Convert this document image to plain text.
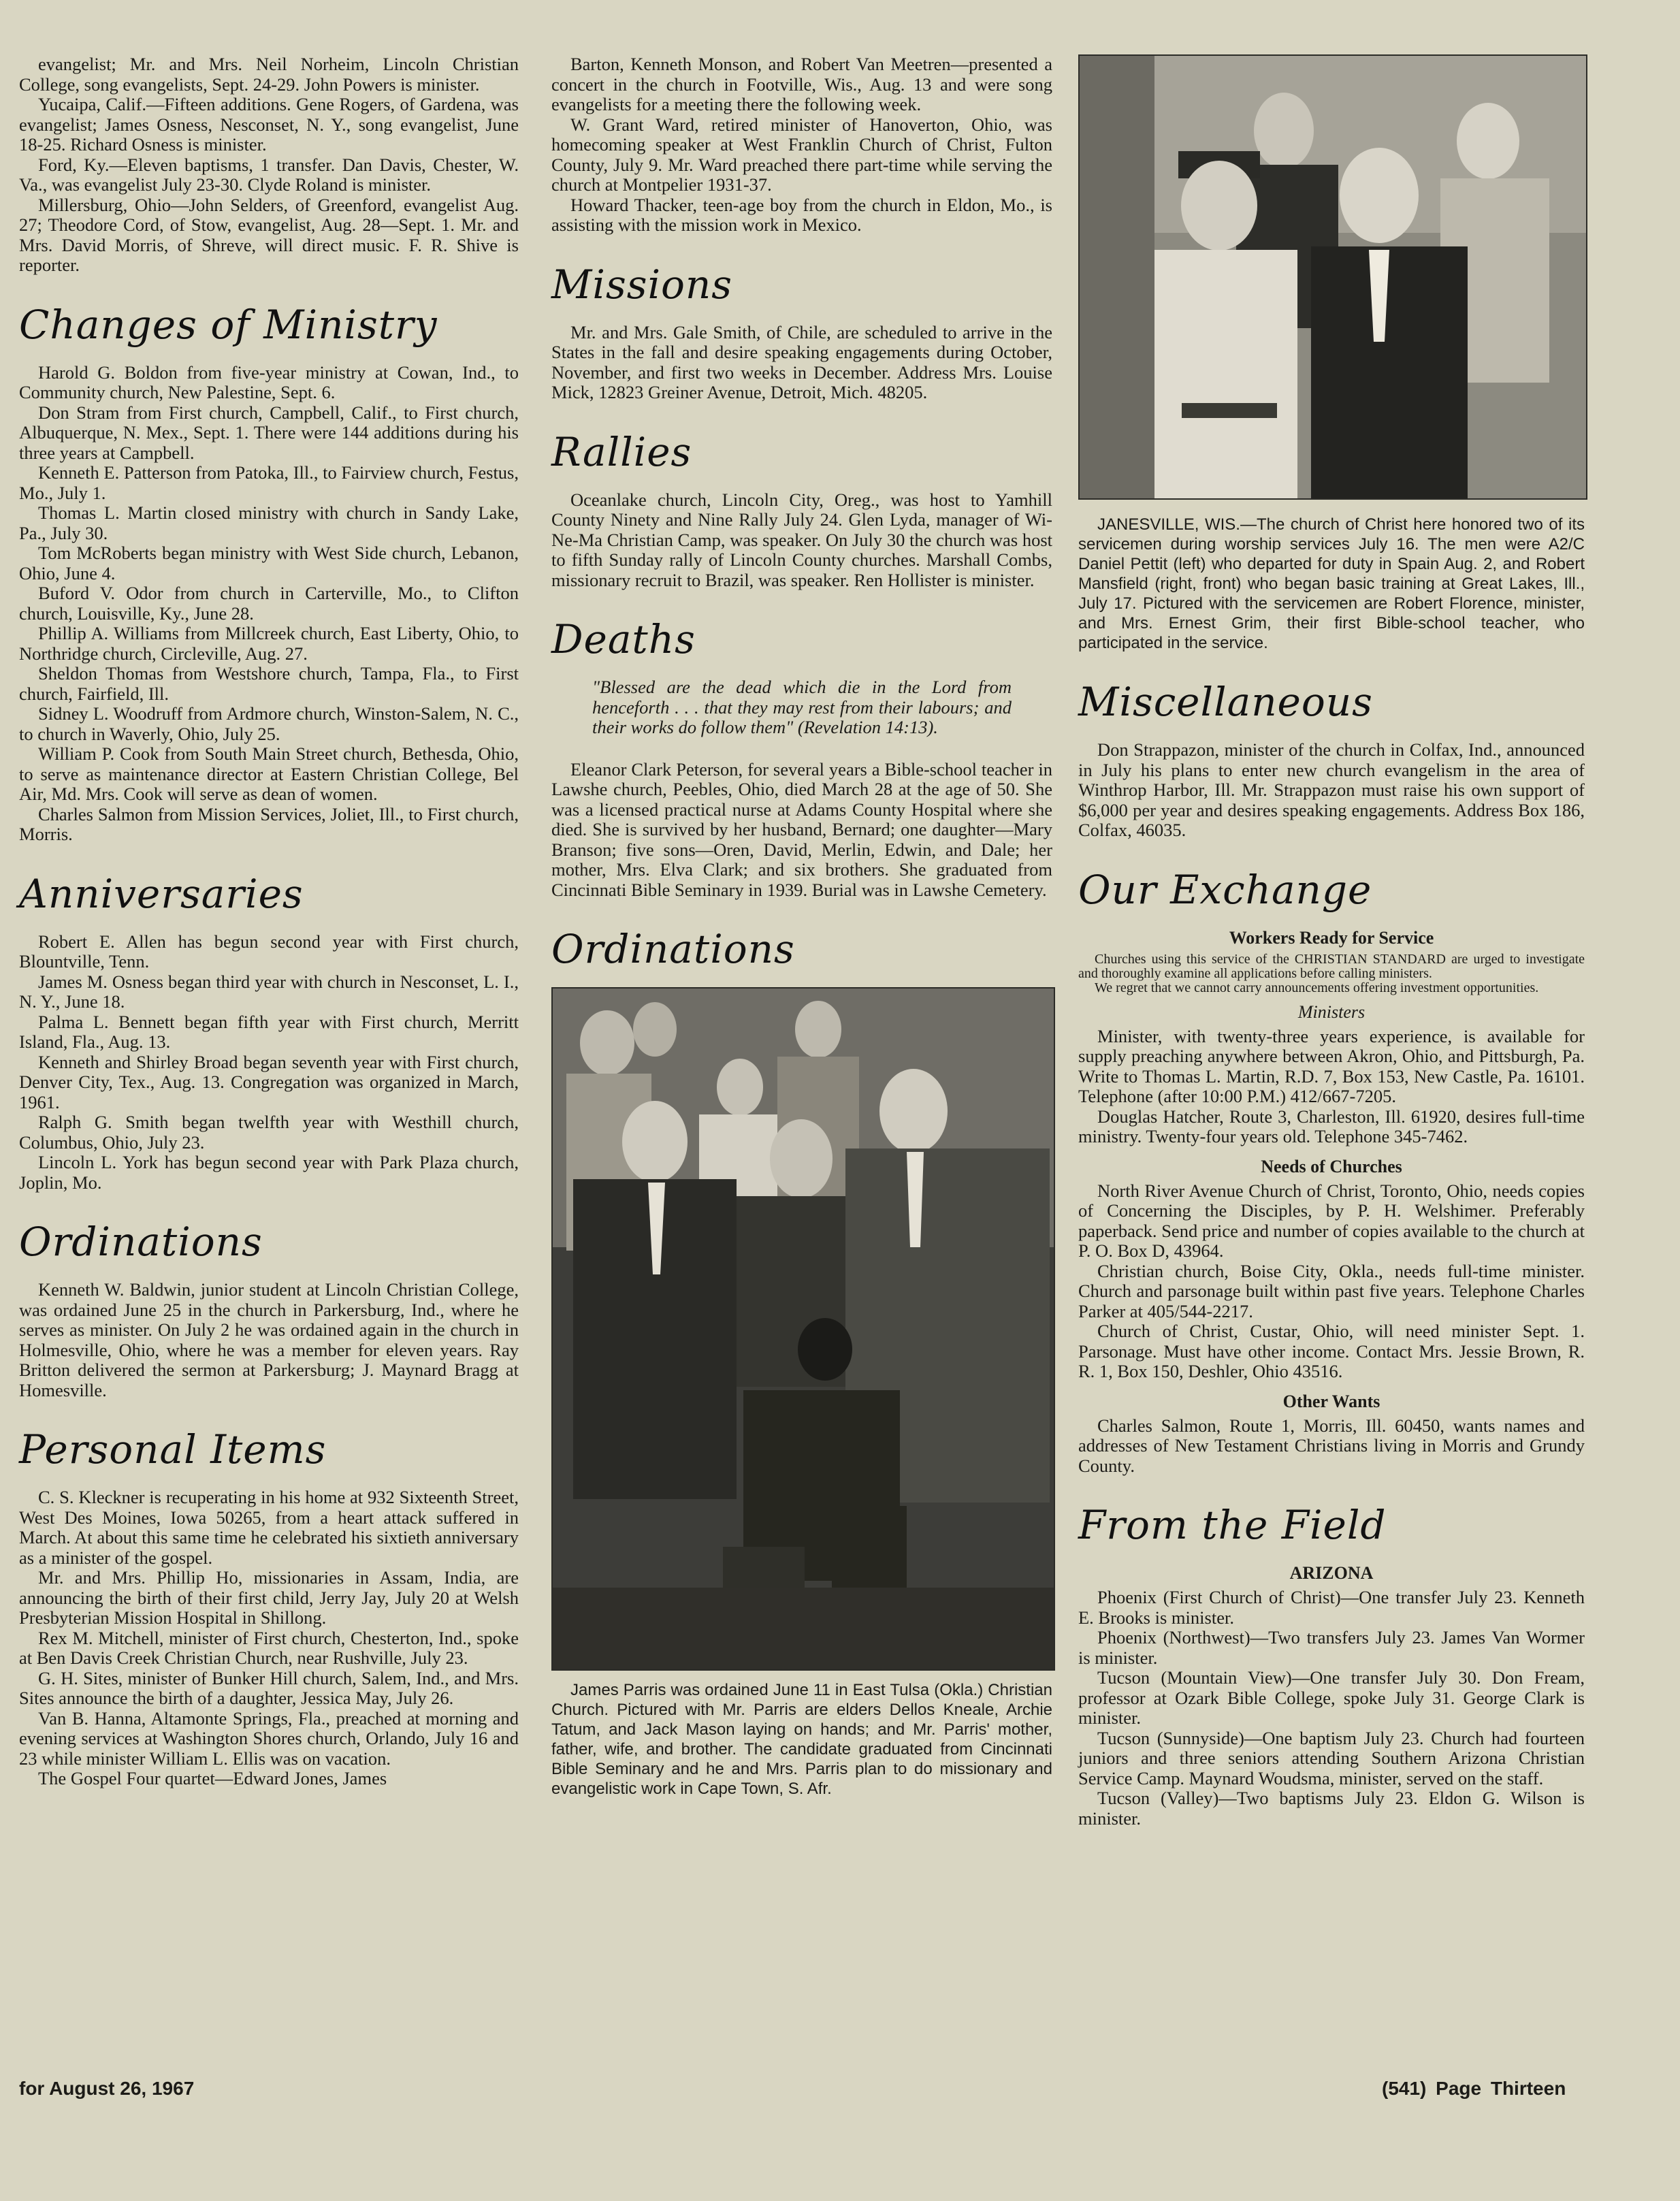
evangelist; Mr. and Mrs. Neil Norheim, Lincoln Christian College, song evangelists, Sept. 24-29. John Powers is minister.

Yucaipa, Calif.—Fifteen additions. Gene Rogers, of Gardena, was evangelist; James Osness, Nesconset, N. Y., song evangelist, June 18-25. Richard Osness is minister.

Ford, Ky.—Eleven baptisms, 1 transfer. Dan Davis, Chester, W. Va., was evangelist July 23-30. Clyde Roland is minister.

Millersburg, Ohio—John Selders, of Greenford, evangelist Aug. 27; Theodore Cord, of Stow, evangelist, Aug. 28—Sept. 1. Mr. and Mrs. David Morris, of Shreve, will direct music. F. R. Shive is reporter.

Changes of Ministry

Harold G. Boldon from five-year ministry at Cowan, Ind., to Community church, New Palestine, Sept. 6.

Don Stram from First church, Campbell, Calif., to First church, Albuquerque, N. Mex., Sept. 1. There were 144 additions during his three years at Campbell.

Kenneth E. Patterson from Patoka, Ill., to Fairview church, Festus, Mo., July 1.

Thomas L. Martin closed ministry with church in Sandy Lake, Pa., July 30.

Tom McRoberts began ministry with West Side church, Lebanon, Ohio, June 4.

Buford V. Odor from church in Carterville, Mo., to Clifton church, Louisville, Ky., June 28.

Phillip A. Williams from Millcreek church, East Liberty, Ohio, to Northridge church, Circleville, Aug. 27.

Sheldon Thomas from Westshore church, Tampa, Fla., to First church, Fairfield, Ill.

Sidney L. Woodruff from Ardmore church, Winston-Salem, N. C., to church in Waverly, Ohio, July 25.

William P. Cook from South Main Street church, Bethesda, Ohio, to serve as maintenance director at Eastern Christian College, Bel Air, Md. Mrs. Cook will serve as dean of women.

Charles Salmon from Mission Services, Joliet, Ill., to First church, Morris.

Anniversaries

Robert E. Allen has begun second year with First church, Blountville, Tenn.

James M. Osness began third year with church in Nesconset, L. I., N. Y., June 18.

Palma L. Bennett began fifth year with First church, Merritt Island, Fla., Aug. 13.

Kenneth and Shirley Broad began seventh year with First church, Denver City, Tex., Aug. 13. Congregation was organized in March, 1961.

Ralph G. Smith began twelfth year with Westhill church, Columbus, Ohio, July 23.

Lincoln L. York has begun second year with Park Plaza church, Joplin, Mo.

Ordinations

Kenneth W. Baldwin, junior student at Lincoln Christian College, was ordained June 25 in the church in Parkersburg, Ind., where he serves as minister. On July 2 he was ordained again in the church in Holmesville, Ohio, where he was a member for eleven years. Ray Britton delivered the sermon at Parkersburg; J. Maynard Bragg at Homesville.

Personal Items

C. S. Kleckner is recuperating in his home at 932 Sixteenth Street, West Des Moines, Iowa 50265, from a heart attack suffered in March. At about this same time he celebrated his sixtieth anniversary as a minister of the gospel.

Mr. and Mrs. Phillip Ho, missionaries in Assam, India, are announcing the birth of their first child, Jerry Jay, July 20 at Welsh Presbyterian Mission Hospital in Shillong.

Rex M. Mitchell, minister of First church, Chesterton, Ind., spoke at Ben Davis Creek Christian Church, near Rushville, July 23.

G. H. Sites, minister of Bunker Hill church, Salem, Ind., and Mrs. Sites announce the birth of a daughter, Jessica May, July 26.

Van B. Hanna, Altamonte Springs, Fla., preached at morning and evening services at Washington Shores church, Orlando, July 16 and 23 while minister William L. Ellis was on vacation.

The Gospel Four quartet—Edward Jones, James

Barton, Kenneth Monson, and Robert Van Meetren—presented a concert in the church in Footville, Wis., Aug. 13 and were song evangelists for a meeting there the following week.

W. Grant Ward, retired minister of Hanoverton, Ohio, was homecoming speaker at West Franklin Church of Christ, Fulton County, July 9. Mr. Ward preached there part-time while serving the church at Montpelier 1931-37.

Howard Thacker, teen-age boy from the church in Eldon, Mo., is assisting with the mission work in Mexico.

Missions

Mr. and Mrs. Gale Smith, of Chile, are scheduled to arrive in the States in the fall and desire speaking engagements during October, November, and first two weeks in December. Address Mrs. Louise Mick, 12823 Greiner Avenue, Detroit, Mich. 48205.

Rallies

Oceanlake church, Lincoln City, Oreg., was host to Yamhill County Ninety and Nine Rally July 24. Glen Lyda, manager of Wi-Ne-Ma Christian Camp, was speaker. On July 30 the church was host to fifth Sunday rally of Lincoln County churches. Marshall Combs, missionary recruit to Brazil, was speaker. Ren Hollister is minister.

Deaths

"Blessed are the dead which die in the Lord from henceforth . . . that they may rest from their labours; and their works do follow them" (Revelation 14:13).

Eleanor Clark Peterson, for several years a Bible-school teacher in Lawshe church, Peebles, Ohio, died March 28 at the age of 50. She was a licensed practical nurse at Adams County Hospital where she died. She is survived by her husband, Bernard; one daughter—Mary Branson; five sons—Oren, David, Merlin, Edwin, and Dale; her mother, Mrs. Elva Clark; and six brothers. She graduated from Cincinnati Bible Seminary in 1939. Burial was in Lawshe Cemetery.

Ordinations

James Parris was ordained June 11 in East Tulsa (Okla.) Christian Church. Pictured with Mr. Parris are elders Dellos Kneale, Archie Tatum, and Jack Mason laying on hands; and Mr. Parris' mother, father, wife, and brother. The candidate graduated from Cincinnati Bible Seminary and he and Mrs. Parris plan to do missionary and evangelistic work in Cape Town, S. Afr.

JANESVILLE, WIS.—The church of Christ here honored two of its servicemen during worship services July 16. The men were A2/C Daniel Pettit (left) who departed for duty in Spain Aug. 2, and Robert Mansfield (right, front) who began basic training at Great Lakes, Ill., July 17. Pictured with the servicemen are Robert Florence, minister, and Mrs. Ernest Grim, their first Bible-school teacher, who participated in the service.

Miscellaneous

Don Strappazon, minister of the church in Colfax, Ind., announced in July his plans to enter new church evangelism in the area of Winthrop Harbor, Ill. Mr. Strappazon must raise his own support of $6,000 per year and desires speaking engagements. Address Box 186, Colfax, 46035.

Our Exchange
Workers Ready for Service

Churches using this service of the CHRISTIAN STANDARD are urged to investigate and thoroughly examine all applications before calling ministers.

We regret that we cannot carry announcements offering investment opportunities.

Ministers

Minister, with twenty-three years experience, is available for supply preaching anywhere between Akron, Ohio, and Pittsburgh, Pa. Write to Thomas L. Martin, R.D. 7, Box 153, New Castle, Pa. 16101. Telephone (after 10:00 P.M.) 412/667-7205.

Douglas Hatcher, Route 3, Charleston, Ill. 61920, desires full-time ministry. Twenty-four years old. Telephone 345-7462.

Needs of Churches

North River Avenue Church of Christ, Toronto, Ohio, needs copies of Concerning the Disciples, by P. H. Welshimer. Preferably paperback. Send price and number of copies available to the church at P. O. Box D, 43964.

Christian church, Boise City, Okla., needs full-time minister. Church and parsonage built within past five years. Telephone Charles Parker at 405/544-2217.

Church of Christ, Custar, Ohio, will need minister Sept. 1. Parsonage. Must have other income. Contact Mrs. Jessie Brown, R. R. 1, Box 150, Deshler, Ohio 43516.

Other Wants

Charles Salmon, Route 1, Morris, Ill. 60450, wants names and addresses of New Testament Christians living in Morris and Grundy County.

From the Field
ARIZONA

Phoenix (First Church of Christ)—One transfer July 23. Kenneth E. Brooks is minister.

Phoenix (Northwest)—Two transfers July 23. James Van Wormer is minister.

Tucson (Mountain View)—One transfer July 30. Don Fream, professor at Ozark Bible College, spoke July 31. George Clark is minister.

Tucson (Sunnyside)—One baptism July 23. Church had fourteen juniors and three seniors attending Southern Arizona Christian Service Camp. Maynard Woudsma, minister, served on the staff.

Tucson (Valley)—Two baptisms July 23. Eldon G. Wilson is minister.

for August 26, 1967	(541) Page Thirteen
